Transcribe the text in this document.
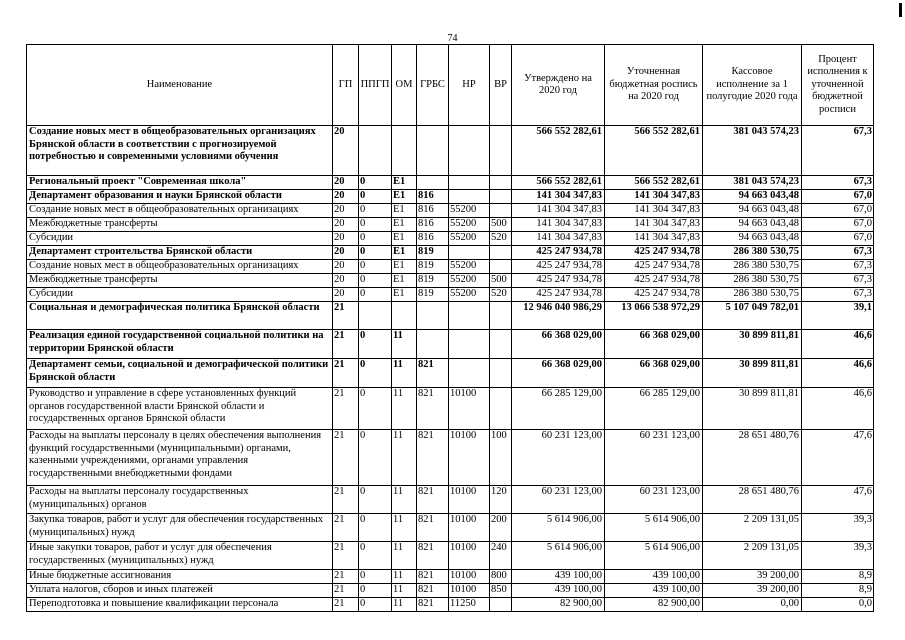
74
Наименование	ГП	ППГП	ОМ	ГРБС	НР	ВР	Утверждено на 2020 год	Уточненная бюджетная роспись на 2020 год	Кассовое исполнение за 1 полугодие 2020 года	Процент исполнения к уточненной бюджетной росписи
Создание новых мест в общеобразовательных организациях Брянской области в соответствии с прогнозируемой потребностью и современными условиями обучения	20						566 552 282,61	566 552 282,61	381 043 574,23	67,3
Региональный проект "Современная школа"	20	0	Е1				566 552 282,61	566 552 282,61	381 043 574,23	67,3
Департамент образования и науки Брянской области	20	0	Е1	816			141 304 347,83	141 304 347,83	94 663 043,48	67,0
Создание новых мест в общеобразовательных организациях	20	0	Е1	816	55200		141 304 347,83	141 304 347,83	94 663 043,48	67,0
Межбюджетные трансферты	20	0	Е1	816	55200	500	141 304 347,83	141 304 347,83	94 663 043,48	67,0
Субсидии	20	0	Е1	816	55200	520	141 304 347,83	141 304 347,83	94 663 043,48	67,0
Департамент строительства Брянской области	20	0	Е1	819			425 247 934,78	425 247 934,78	286 380 530,75	67,3
Создание новых мест в общеобразовательных организациях	20	0	Е1	819	55200		425 247 934,78	425 247 934,78	286 380 530,75	67,3
Межбюджетные трансферты	20	0	Е1	819	55200	500	425 247 934,78	425 247 934,78	286 380 530,75	67,3
Субсидии	20	0	Е1	819	55200	520	425 247 934,78	425 247 934,78	286 380 530,75	67,3
Социальная и демографическая политика Брянской области	21						12 946 040 986,29	13 066 538 972,29	5 107 049 782,01	39,1
Реализация единой государственной социальной политики на территории Брянской области	21	0	11				66 368 029,00	66 368 029,00	30 899 811,81	46,6
Департамент семьи, социальной и демографической политики Брянской области	21	0	11	821			66 368 029,00	66 368 029,00	30 899 811,81	46,6
Руководство и управление в сфере установленных функций органов государственной власти Брянской области и государственных органов Брянской области	21	0	11	821	10100		66 285 129,00	66 285 129,00	30 899 811,81	46,6
Расходы на выплаты персоналу в целях обеспечения выполнения функций государственными (муниципальными) органами, казенными учреждениями, органами управления государственными внебюджетными фондами	21	0	11	821	10100	100	60 231 123,00	60 231 123,00	28 651 480,76	47,6
Расходы на выплаты персоналу государственных (муниципальных) органов	21	0	11	821	10100	120	60 231 123,00	60 231 123,00	28 651 480,76	47,6
Закупка товаров, работ и услуг для обеспечения государственных (муниципальных) нужд	21	0	11	821	10100	200	5 614 906,00	5 614 906,00	2 209 131,05	39,3
Иные закупки товаров, работ и услуг для обеспечения государственных (муниципальных) нужд	21	0	11	821	10100	240	5 614 906,00	5 614 906,00	2 209 131,05	39,3
Иные бюджетные ассигнования	21	0	11	821	10100	800	439 100,00	439 100,00	39 200,00	8,9
Уплата налогов, сборов и иных платежей	21	0	11	821	10100	850	439 100,00	439 100,00	39 200,00	8,9
Переподготовка и повышение квалификации персонала	21	0	11	821	11250		82 900,00	82 900,00	0,00	0,0
